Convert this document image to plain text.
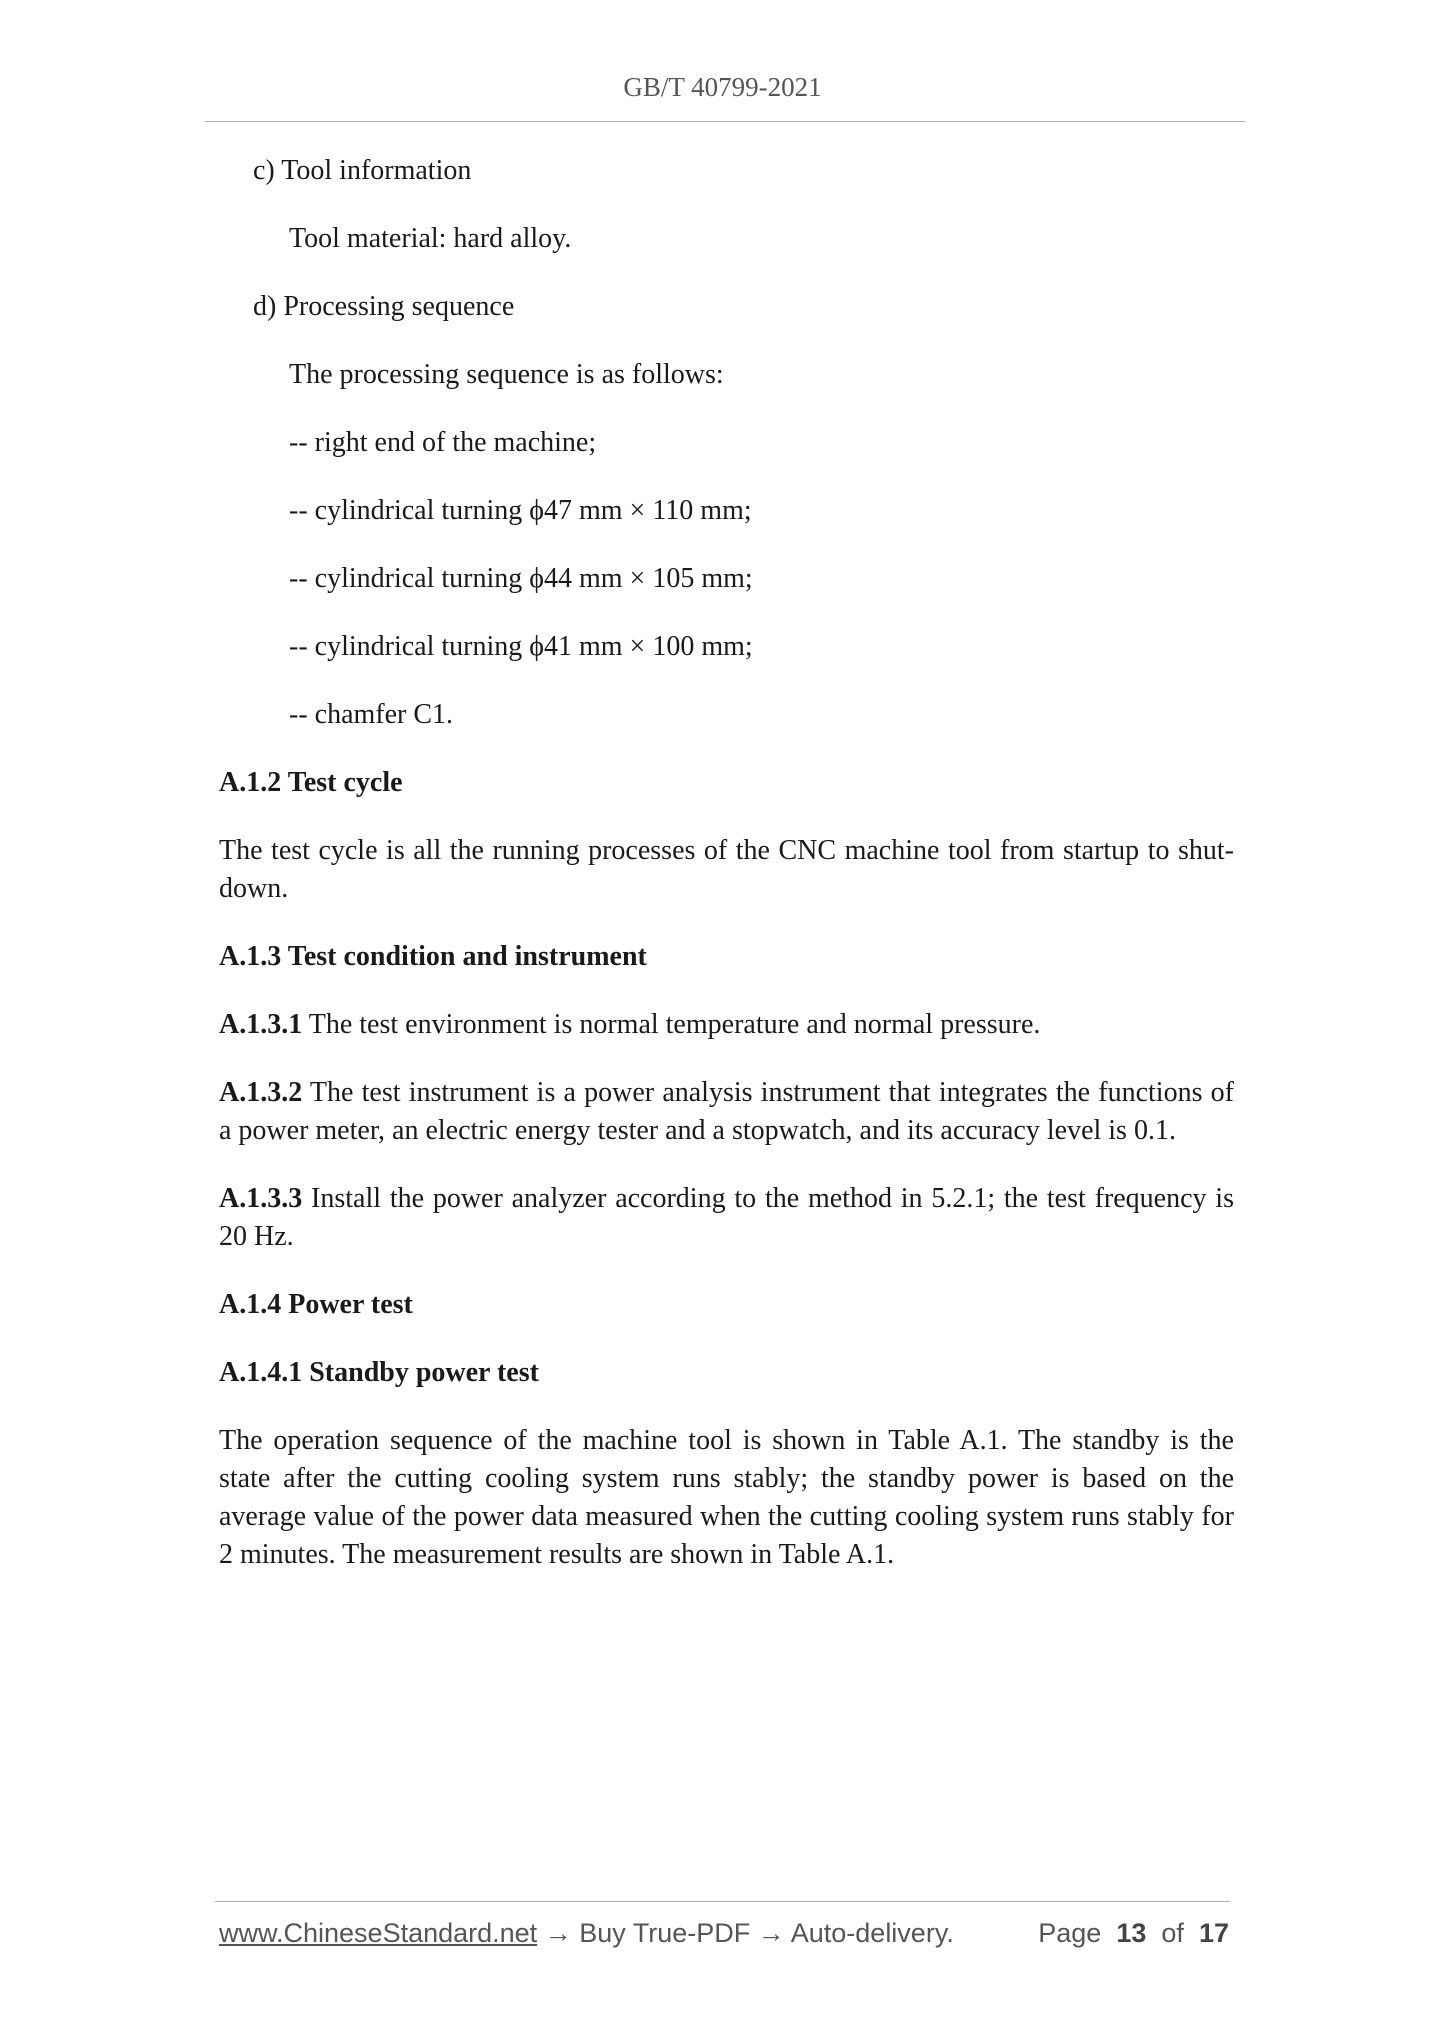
GB/T 40799-2021
c) Tool information
Tool material: hard alloy.
d) Processing sequence
The processing sequence is as follows:
-- right end of the machine;
-- cylindrical turning ϕ47 mm × 110 mm;
-- cylindrical turning ϕ44 mm × 105 mm;
-- cylindrical turning ϕ41 mm × 100 mm;
-- chamfer C1.
A.1.2 Test cycle
The test cycle is all the running processes of the CNC machine tool from startup to shut-down.
A.1.3 Test condition and instrument
A.1.3.1 The test environment is normal temperature and normal pressure.
A.1.3.2 The test instrument is a power analysis instrument that integrates the functions of a power meter, an electric energy tester and a stopwatch, and its accuracy level is 0.1.
A.1.3.3 Install the power analyzer according to the method in 5.2.1; the test frequency is 20 Hz.
A.1.4 Power test
A.1.4.1 Standby power test
The operation sequence of the machine tool is shown in Table A.1. The standby is the state after the cutting cooling system runs stably; the standby power is based on the average value of the power data measured when the cutting cooling system runs stably for 2 minutes. The measurement results are shown in Table A.1.
www.ChineseStandard.net → Buy True-PDF → Auto-delivery.	Page 13 of 17
